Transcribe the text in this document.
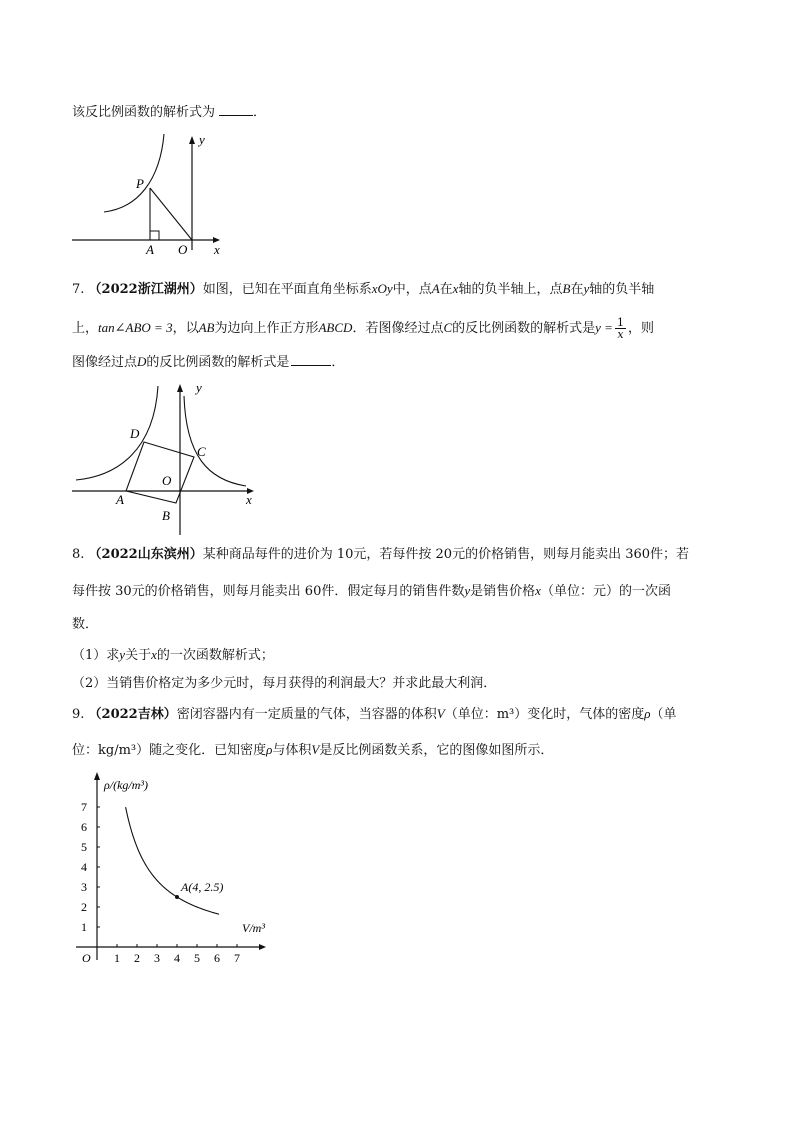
该反比例函数的解析式为	．
y
x
P
A O
7. （2022浙江湖州）如图，已知在平面直角坐标系xOy中，点A在x轴的负半轴上，点B在y轴的负半轴
上，tan∠ABO = 3，以AB为边向上作正方形ABCD．若图像经过点C的反比例函数的解析式是$y = \frac{1}{x}$ ，则
图像经过点D的反比例函数的解析式是	．
y
x
A
B
C
D
O
8. （2022山东滨州）某种商品每件的进价为 10元，若每件按 20元的价格销售，则每月能卖出 360件；若
每件按 30元的价格销售，则每月能卖出 60件．假定每月的销售件数y是销售价格x（单位：元）的一次函
数．
（1）求y关于x的一次函数解析式；
（2）当销售价格定为多少元时，每月获得的利润最大？并求此最大利润．
9. （2022吉林）密闭容器内有一定质量的气体，当容器的体积V（单位：m³）变化时，气体的密度ρ（单
位：kg/m³）随之变化．已知密度ρ与体积V是反比例函数关系，它的图像如图所示．
ρ/(kg/m³)
V/m³
O 1 2 3 4 5 6 7
1
2
3
4
5
6
7
A(4, 2.5)
